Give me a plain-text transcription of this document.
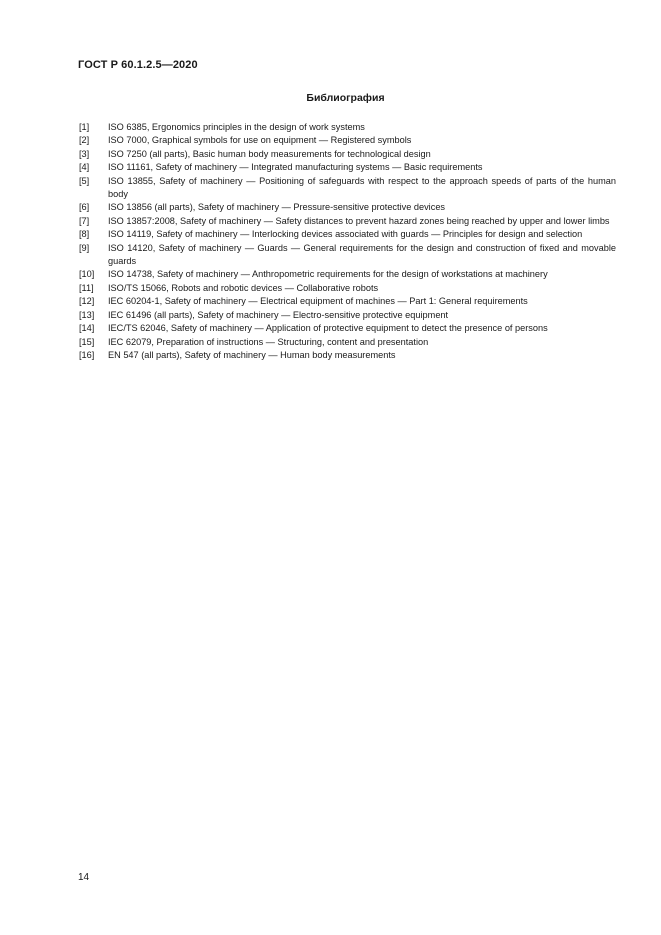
ГОСТ Р 60.1.2.5—2020
Библиография
[1]	ISO 6385, Ergonomics principles in the design of work systems
[2]	ISO 7000, Graphical symbols for use on equipment — Registered symbols
[3]	ISO 7250 (all parts), Basic human body measurements for technological design
[4]	ISO 11161, Safety of machinery — Integrated manufacturing systems — Basic requirements
[5]	ISO 13855, Safety of machinery — Positioning of safeguards with respect to the approach speeds of parts of the human body
[6]	ISO 13856 (all parts), Safety of machinery — Pressure-sensitive protective devices
[7]	ISO 13857:2008, Safety of machinery — Safety distances to prevent hazard zones being reached by upper and lower limbs
[8]	ISO 14119, Safety of machinery — Interlocking devices associated with guards — Principles for design and selection
[9]	ISO 14120, Safety of machinery — Guards — General requirements for the design and construction of fixed and movable guards
[10]	ISO 14738, Safety of machinery — Anthropometric requirements for the design of workstations at machinery
[11]	ISO/TS 15066, Robots and robotic devices — Collaborative robots
[12]	IEC 60204-1, Safety of machinery — Electrical equipment of machines — Part 1: General requirements
[13]	IEC 61496 (all parts), Safety of machinery — Electro-sensitive protective equipment
[14]	IEC/TS 62046, Safety of machinery — Application of protective equipment to detect the presence of persons
[15]	IEC 62079, Preparation of instructions — Structuring, content and presentation
[16]	EN 547 (all parts), Safety of machinery — Human body measurements
14
